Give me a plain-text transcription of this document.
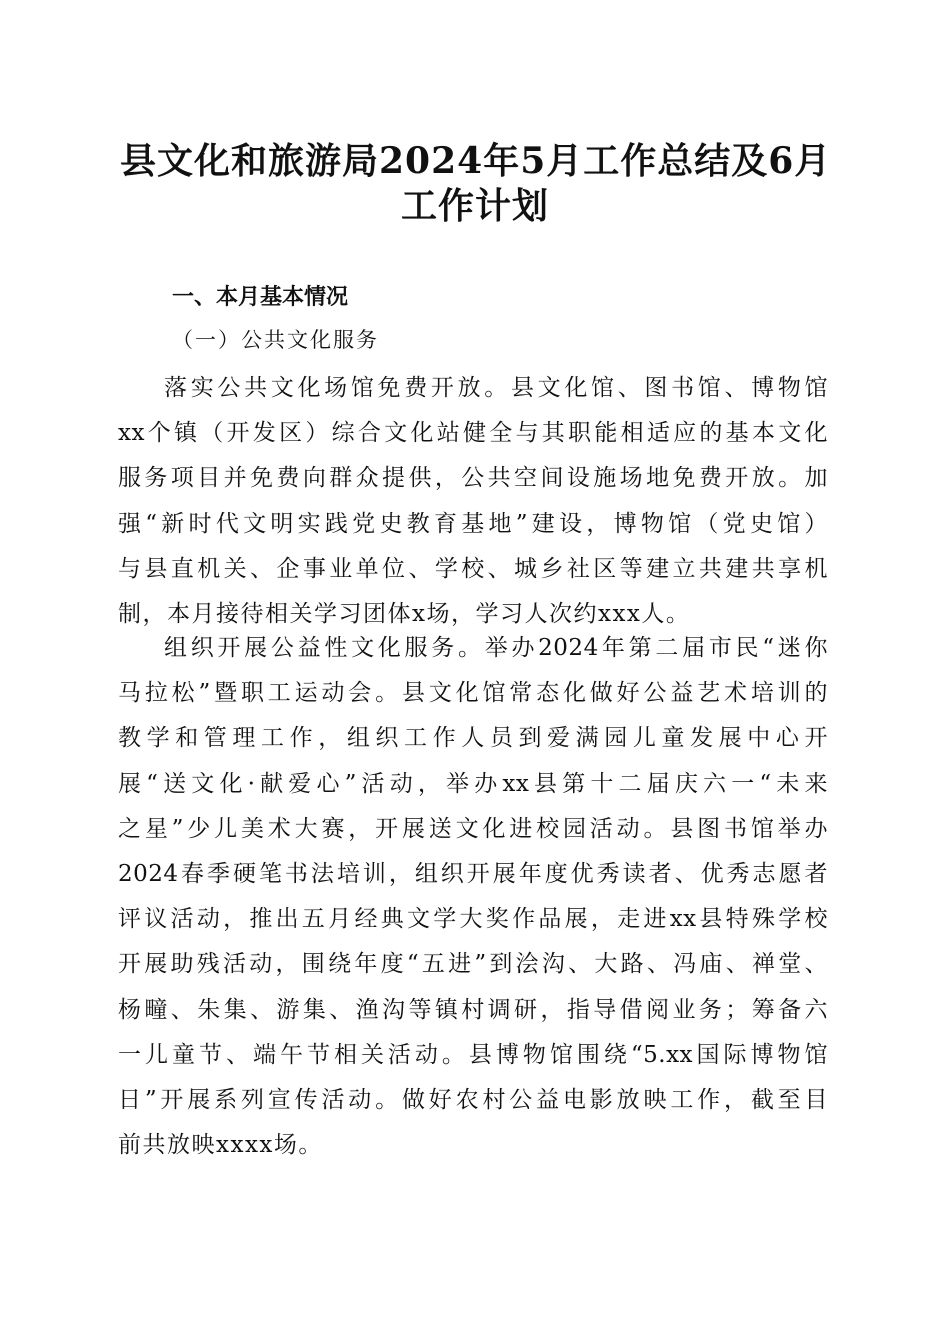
县文化和旅游局2024年5月工作总结及6月
工作计划
一、本月基本情况
（一）公共文化服务
落实公共文化场馆免费开放。县文化馆、图书馆、博物馆
xx个镇（开发区）综合文化站健全与其职能相适应的基本文化
服务项目并免费向群众提供，公共空间设施场地免费开放。加
强“新时代文明实践党史教育基地”建设，博物馆（党史馆）
与县直机关、企事业单位、学校、城乡社区等建立共建共享机
制，本月接待相关学习团体x场，学习人次约xxx人。
组织开展公益性文化服务。举办2024年第二届市民“迷你
马拉松”暨职工运动会。县文化馆常态化做好公益艺术培训的
教学和管理工作，组织工作人员到爱满园儿童发展中心开
展“送文化·献爱心”活动，举办xx县第十二届庆六一“未来
之星”少儿美术大赛，开展送文化进校园活动。县图书馆举办
2024春季硬笔书法培训，组织开展年度优秀读者、优秀志愿者
评议活动，推出五月经典文学大奖作品展，走进xx县特殊学校
开展助残活动，围绕年度“五进”到浍沟、大路、冯庙、禅堂、
杨疃、朱集、游集、渔沟等镇村调研，指导借阅业务；筹备六
一儿童节、端午节相关活动。县博物馆围绕“5.xx国际博物馆
日”开展系列宣传活动。做好农村公益电影放映工作，截至目
前共放映xxxx场。
